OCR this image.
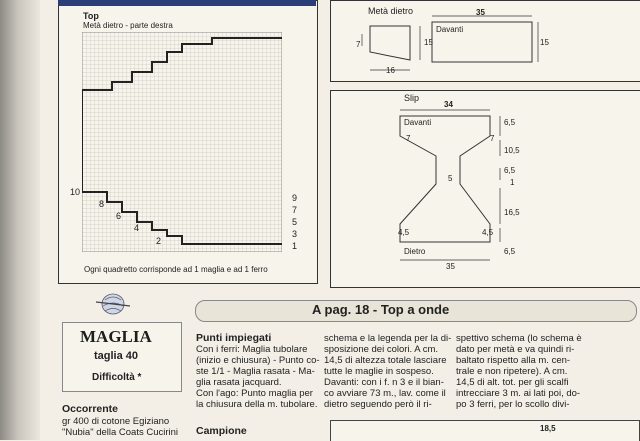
Top
Metà dietro - parte destra
10
8
6
4
2
9
7
5
3
1
Ogni quadretto corrisponde ad 1 maglia e ad 1 ferro
Metà dietro
Davanti
35
15	15
7
16
Slip
34
Davanti	6,5
7	7
10,5
6,5
1
5
16,5
4,5	4,5
Dietro	6,5
35
A pag. 18 - Top a onde
MAGLIA
taglia 40
Difficoltà *
Occorrente
gr 400 di cotone Egiziano
"Nubia" della Coats Cucirini
Punti impiegati
Con i ferri: Maglia tubolare
(inizio e chiusura) - Punto co-
ste 1/1 - Maglia rasata - Ma-
glia rasata jacquard.
Con l'ago: Punto maglia per
la chiusura della m. tubolare.
Campione
schema e la legenda per la di-
sposizione dei colori. A cm.
14,5 di altezza totale lasciare
tutte le maglie in sospeso.
Davanti: con i f. n 3 e il bian-
co avviare 73 m., lav. come il
dietro seguendo però il ri-
spettivo schema (lo schema è
dato per metà e va quindi ri-
baltato rispetto alla m. cen-
trale e non ripetere). A cm.
14,5 di alt. tot. per gli scalfi
intrecciare 3 m. ai lati poi, do-
po 3 ferri, per lo scollo divi-
18,5
